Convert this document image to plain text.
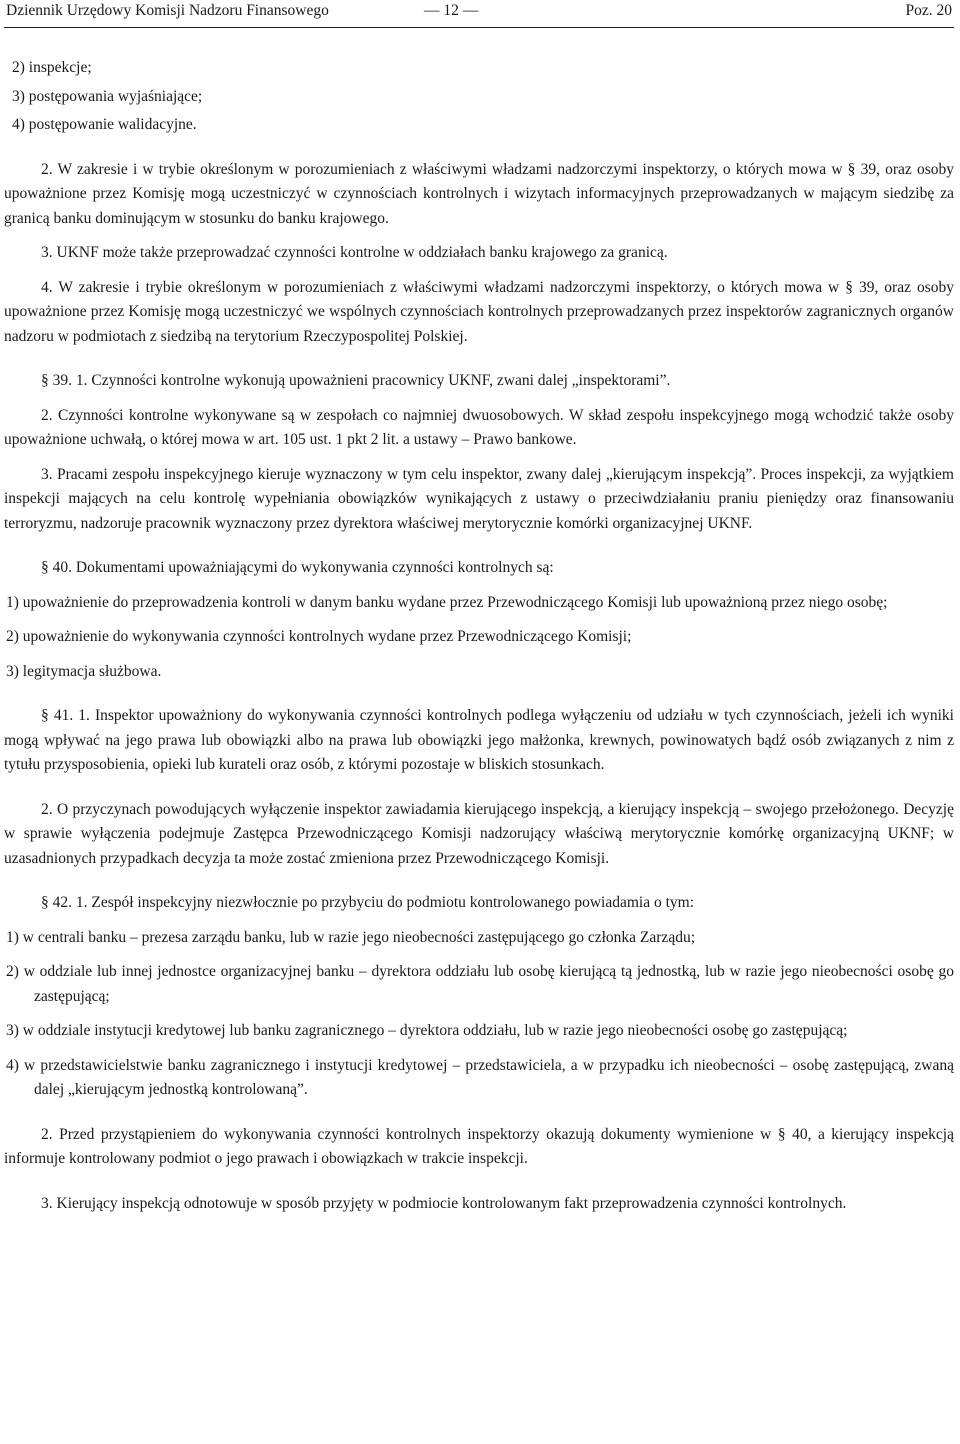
Dziennik Urzędowy Komisji Nadzoru Finansowego	— 12 —	Poz. 20

2) inspekcje;

3) postępowania wyjaśniające;

4) postępowanie walidacyjne.

2. W zakresie i w trybie określonym w porozumieniach z właściwymi władzami nadzorczymi inspektorzy, o których mowa w § 39, oraz osoby upoważnione przez Komisję mogą uczestniczyć w czynnościach kontrolnych i wizytach informacyjnych przeprowadzanych w mającym siedzibę za granicą banku dominującym w stosunku do banku krajowego.

3. UKNF może także przeprowadzać czynności kontrolne w oddziałach banku krajowego za granicą.

4. W zakresie i trybie określonym w porozumieniach z właściwymi władzami nadzorczymi inspektorzy, o których mowa w § 39, oraz osoby upoważnione przez Komisję mogą uczestniczyć we wspólnych czynnościach kontrolnych przeprowadzanych przez inspektorów zagranicznych organów nadzoru w podmiotach z siedzibą na terytorium Rzeczypospolitej Polskiej.

§ 39. 1. Czynności kontrolne wykonują upoważnieni pracownicy UKNF, zwani dalej „inspektorami”.

2. Czynności kontrolne wykonywane są w zespołach co najmniej dwuosobowych. W skład zespołu inspekcyjnego mogą wchodzić także osoby upoważnione uchwałą, o której mowa w art. 105 ust. 1 pkt 2 lit. a ustawy – Prawo bankowe.

3. Pracami zespołu inspekcyjnego kieruje wyznaczony w tym celu inspektor, zwany dalej „kierującym inspekcją”. Proces inspekcji, za wyjątkiem inspekcji mających na celu kontrolę wypełniania obowiązków wynikających z ustawy o przeciwdziałaniu praniu pieniędzy oraz finansowaniu terroryzmu, nadzoruje pracownik wyznaczony przez dyrektora właściwej merytorycznie komórki organizacyjnej UKNF.

§ 40. Dokumentami upoważniającymi do wykonywania czynności kontrolnych są:

1) upoważnienie do przeprowadzenia kontroli w danym banku wydane przez Przewodniczącego Komisji lub upoważnioną przez niego osobę;

2) upoważnienie do wykonywania czynności kontrolnych wydane przez Przewodniczącego Komisji;

3) legitymacja służbowa.

§ 41. 1. Inspektor upoważniony do wykonywania czynności kontrolnych podlega wyłączeniu od udziału w tych czynnościach, jeżeli ich wyniki mogą wpływać na jego prawa lub obowiązki albo na prawa lub obowiązki jego małżonka, krewnych, powinowatych bądź osób związanych z nim z tytułu przysposobienia, opieki lub kurateli oraz osób, z którymi pozostaje w bliskich stosunkach.

2. O przyczynach powodujących wyłączenie inspektor zawiadamia kierującego inspekcją, a kierujący inspekcją – swojego przełożonego. Decyzję w sprawie wyłączenia podejmuje Zastępca Przewodniczącego Komisji nadzorujący właściwą merytorycznie komórkę organizacyjną UKNF; w uzasadnionych przypadkach decyzja ta może zostać zmieniona przez Przewodniczącego Komisji.

§ 42. 1. Zespół inspekcyjny niezwłocznie po przybyciu do podmiotu kontrolowanego powiadamia o tym:

1) w centrali banku – prezesa zarządu banku, lub w razie jego nieobecności zastępującego go członka Zarządu;

2) w oddziale lub innej jednostce organizacyjnej banku – dyrektora oddziału lub osobę kierującą tą jednostką, lub w razie jego nieobecności osobę go zastępującą;

3) w oddziale instytucji kredytowej lub banku zagranicznego – dyrektora oddziału, lub w razie jego nieobecności osobę go zastępującą;

4) w przedstawicielstwie banku zagranicznego i instytucji kredytowej – przedstawiciela, a w przypadku ich nieobecności – osobę zastępującą, zwaną dalej „kierującym jednostką kontrolowaną”.

2. Przed przystąpieniem do wykonywania czynności kontrolnych inspektorzy okazują dokumenty wymienione w § 40, a kierujący inspekcją informuje kontrolowany podmiot o jego prawach i obowiązkach w trakcie inspekcji.

3. Kierujący inspekcją odnotowuje w sposób przyjęty w podmiocie kontrolowanym fakt przeprowadzenia czynności kontrolnych.
